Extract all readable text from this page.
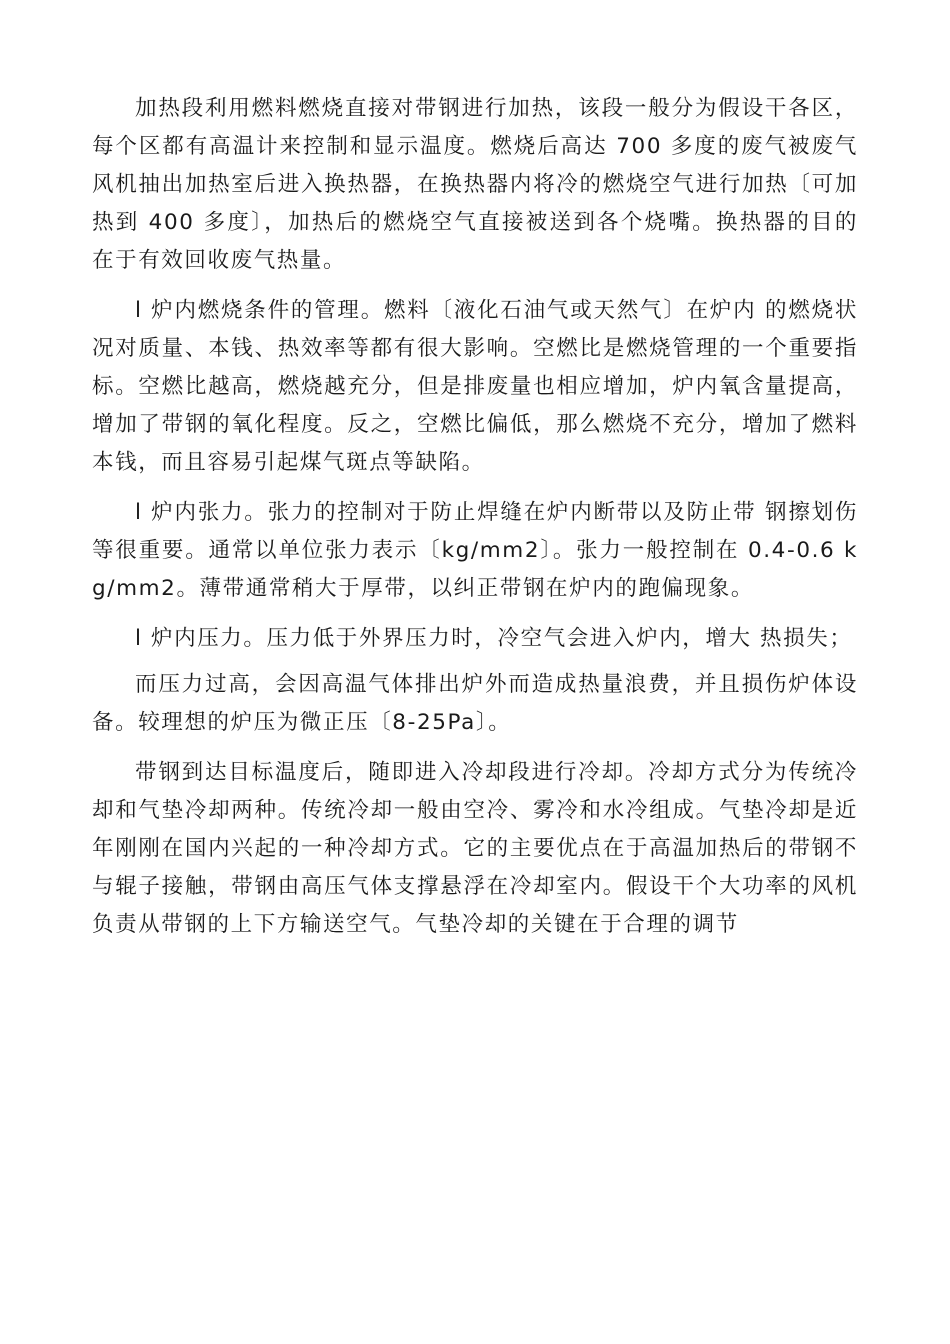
加热段利用燃料燃烧直接对带钢进行加热，该段一般分为假设干各区，每个区都有高温计来控制和显示温度。燃烧后高达 700 多度的废气被废气风机抽出加热室后进入换热器，在换热器内将冷的燃烧空气进行加热〔可加热到 400 多度〕，加热后的燃烧空气直接被送到各个烧嘴。换热器的目的在于有效回收废气热量。

l 炉内燃烧条件的管理。燃料〔液化石油气或天然气〕在炉内 的燃烧状况对质量、本钱、热效率等都有很大影响。空燃比是燃烧管理的一个重要指标。空燃比越高，燃烧越充分，但是排废量也相应增加，炉内氧含量提高，增加了带钢的氧化程度。反之，空燃比偏低，那么燃烧不充分，增加了燃料本钱，而且容易引起煤气斑点等缺陷。

l 炉内张力。张力的控制对于防止焊缝在炉内断带以及防止带 钢擦划伤等很重要。通常以单位张力表示〔kg/mm2〕。张力一般控制在 0.4-0.6 kg/mm2。薄带通常稍大于厚带，以纠正带钢在炉内的跑偏现象。

l 炉内压力。压力低于外界压力时，冷空气会进入炉内，增大 热损失；

而压力过高，会因高温气体排出炉外而造成热量浪费，并且损伤炉体设备。较理想的炉压为微正压〔8-25Pa〕。

带钢到达目标温度后，随即进入冷却段进行冷却。冷却方式分为传统冷却和气垫冷却两种。传统冷却一般由空冷、雾冷和水冷组成。气垫冷却是近年刚刚在国内兴起的一种冷却方式。它的主要优点在于高温加热后的带钢不与辊子接触，带钢由高压气体支撑悬浮在冷却室内。假设干个大功率的风机负责从带钢的上下方输送空气。气垫冷却的关键在于合理的调节
